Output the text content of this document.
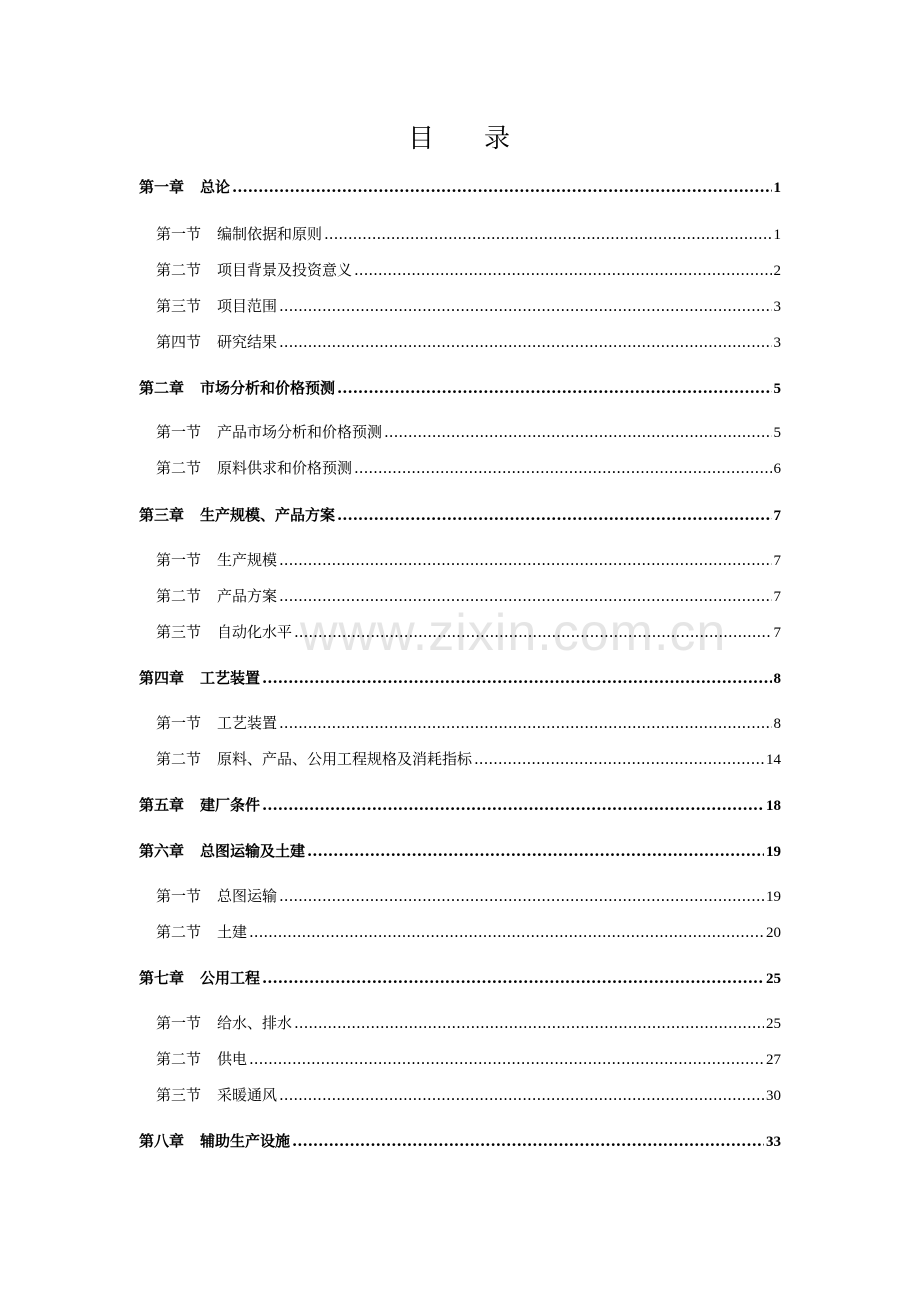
目 录
www.zixin.com.cn
第一章 总论 .....	1
第一节 编制依据和原则 .....	1
第二节 项目背景及投资意义 .....	2
第三节 项目范围 .....	3
第四节 研究结果 .....	3
第二章 市场分析和价格预测 .....	5
第一节 产品市场分析和价格预测 .....	5
第二节 原料供求和价格预测 .....	6
第三章 生产规模、产品方案 .....	7
第一节 生产规模 .....	7
第二节 产品方案 .....	7
第三节 自动化水平 .....	7
第四章 工艺装置 .....	8
第一节 工艺装置 .....	8
第二节 原料、产品、公用工程规格及消耗指标 .....	14
第五章 建厂条件 .....	18
第六章 总图运输及土建 .....	19
第一节 总图运输 .....	19
第二节 土建 .....	20
第七章 公用工程 .....	25
第一节 给水、排水 .....	25
第二节 供电 .....	27
第三节 采暖通风 .....	30
第八章 辅助生产设施 .....	33
